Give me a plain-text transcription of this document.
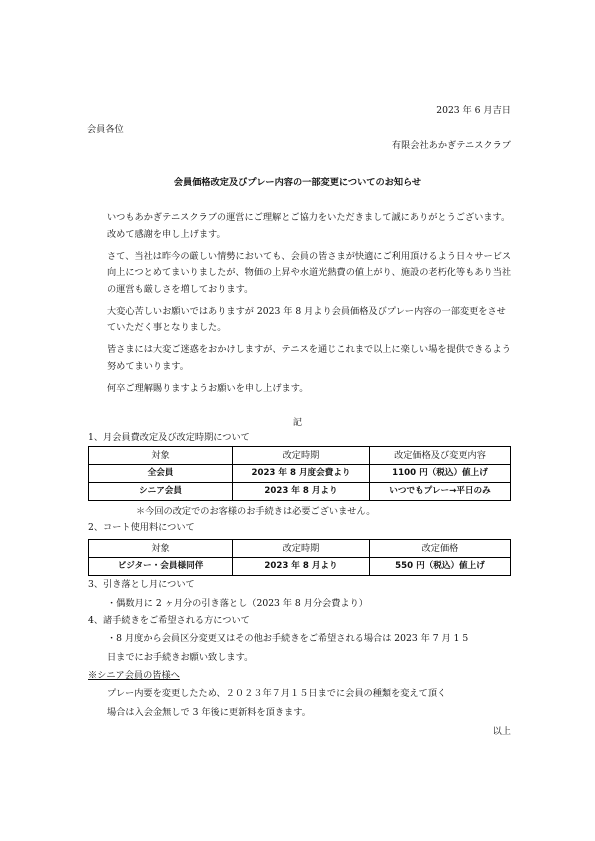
2023 年 6 月吉日
会員各位
有限会社あかぎテニスクラブ
会員価格改定及びプレー内容の一部変更についてのお知らせ

いつもあかぎテニスクラブの運営にご理解とご協力をいただきまして誠にありがとうございます。改めて感謝を申し上げます。

さて、当社は昨今の厳しい情勢においても、会員の皆さまが快適にご利用頂けるよう日々サービス向上につとめてまいりましたが、物価の上昇や水道光熱費の値上がり、施設の老朽化等もあり当社の運営も厳しさを増しております。

大変心苦しいお願いではありますが 2023 年 8 月より会員価格及びプレー内容の一部変更をさせていただく事となりました。

皆さまには大変ご迷惑をおかけしますが、テニスを通じこれまで以上に楽しい場を提供できるよう努めてまいります。

何卒ご理解賜りますようお願いを申し上げます。

記
1、月会員費改定及び改定時期について
対象	改定時期	改定価格及び変更内容
全会員	2023 年 8 月度会費より	1100 円（税込）値上げ
シニア会員	2023 年 8 月より	いつでもプレー→平日のみ
＊今回の改定でのお客様のお手続きは必要ございません。
2、コート使用料について
対象	改定時期	改定価格
ビジター・会員様同伴	2023 年 8 月より	550 円（税込）値上げ
3、引き落とし月について
・偶数月に 2 ヶ月分の引き落とし（2023 年 8 月分会費より）
4、諸手続きをご希望される方について
・8 月度から会員区分変更又はその他お手続きをご希望される場合は 2023 年 7 月 1 5
日までにお手続きお願い致します。
※シニア会員の皆様へ
プレー内要を変更したため、２０２３年７月１５日までに会員の種類を変えて頂く
場合は入会金無しで 3 年後に更新料を頂きます。
以上
